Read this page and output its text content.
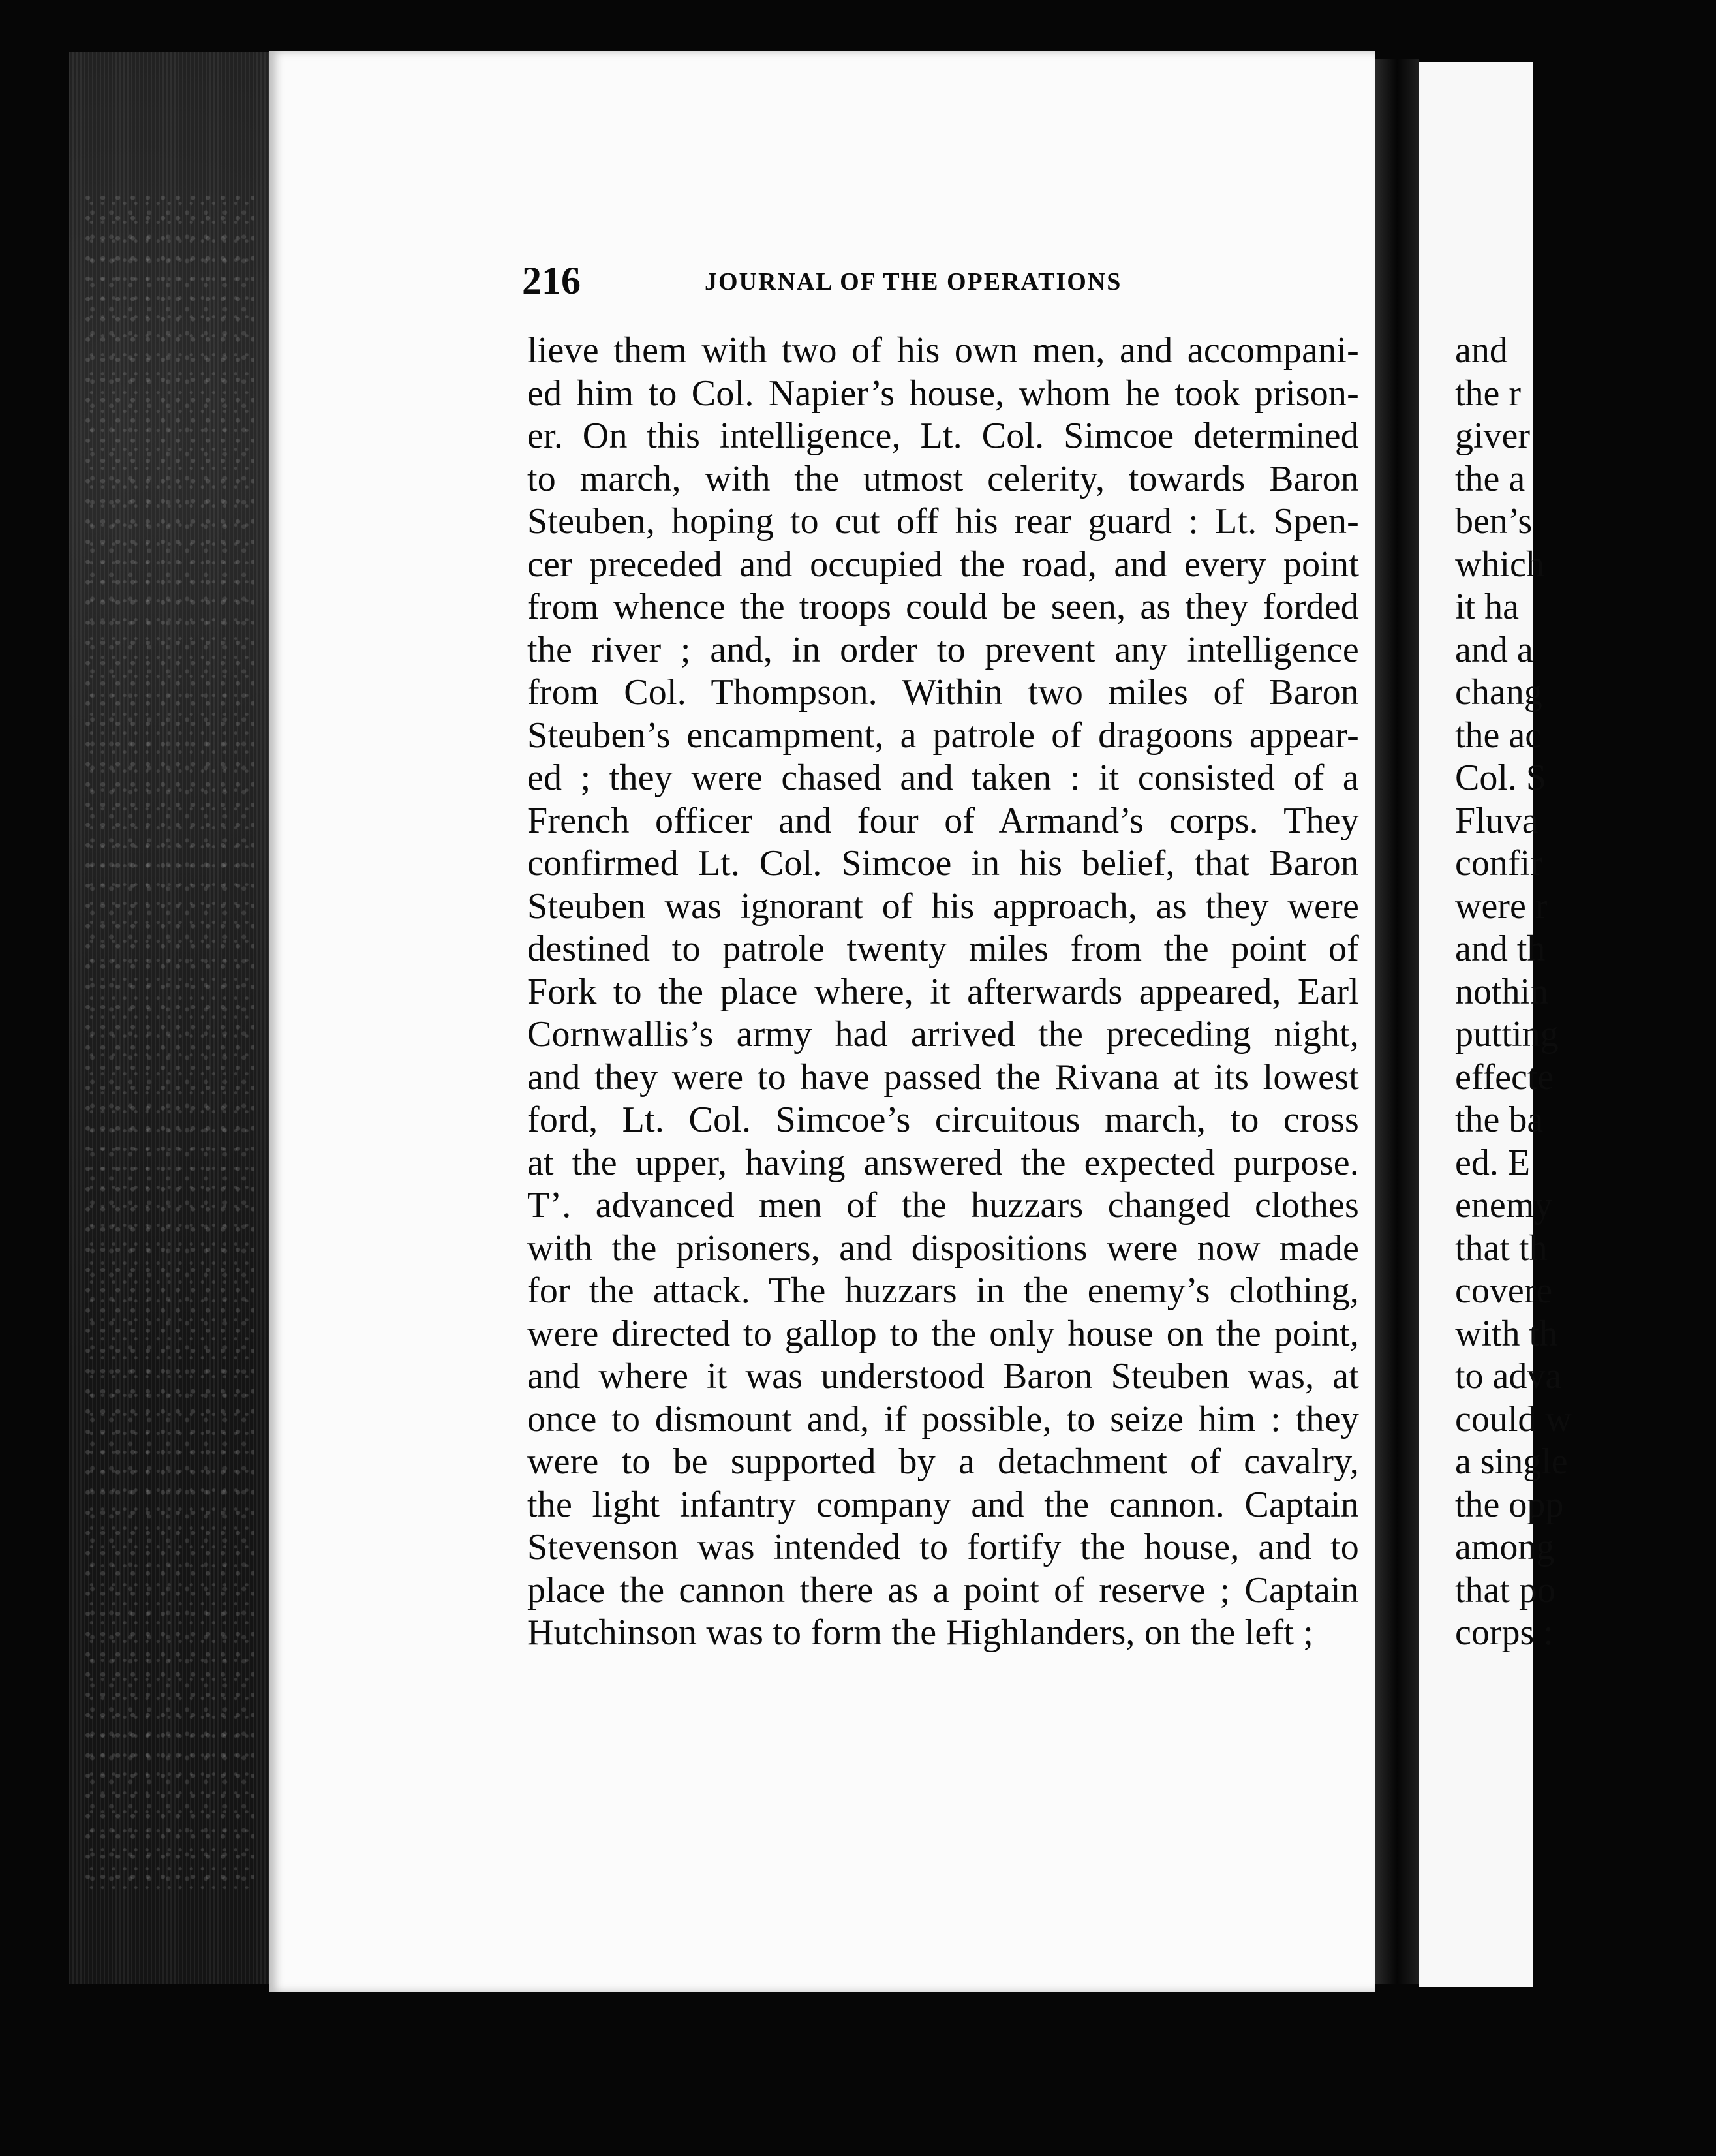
216	JOURNAL OF THE OPERATIONS
lieve them with two of his own men, and accompani-
ed him to Col. Napier’s house, whom he took prison-
er. On this intelligence, Lt. Col. Simcoe determined
to march, with the utmost celerity, towards Baron
Steuben, hoping to cut off his rear guard : Lt. Spen-
cer preceded and occupied the road, and every point
from whence the troops could be seen, as they forded
the river ; and, in order to prevent any intelligence
from Col. Thompson. Within two miles of Baron
Steuben’s encampment, a patrole of dragoons appear-
ed ; they were chased and taken : it consisted of a
French officer and four of Armand’s corps. They
confirmed Lt. Col. Simcoe in his belief, that Baron
Steuben was ignorant of his approach, as they were
destined to patrole twenty miles from the point of
Fork to the place where, it afterwards appeared, Earl
Cornwallis’s army had arrived the preceding night,
and they were to have passed the Rivana at its lowest
ford, Lt. Col. Simcoe’s circuitous march, to cross
at the upper, having answered the expected purpose.
T’. advanced men of the huzzars changed clothes
with the prisoners, and dispositions were now made
for the attack. The huzzars in the enemy’s clothing,
were directed to gallop to the only house on the point,
and where it was understood Baron Steuben was, at
once to dismount and, if possible, to seize him : they
were to be supported by a detachment of cavalry,
the light infantry company and the cannon. Captain
Stevenson was intended to fortify the house, and to
place the cannon there as a point of reserve ; Captain
Hutchinson was to form the Highlanders, on the left ;
and
the r
giver
the a
ben’s
which
it ha
and a
chang
the ac
Col. S
Fluva
confir
were r
and th
nothin
putting
effecte
the ba
ed. E
enemy
that th
covere
with th
to adva
could w
a single
the opp
among
that po
corps :
